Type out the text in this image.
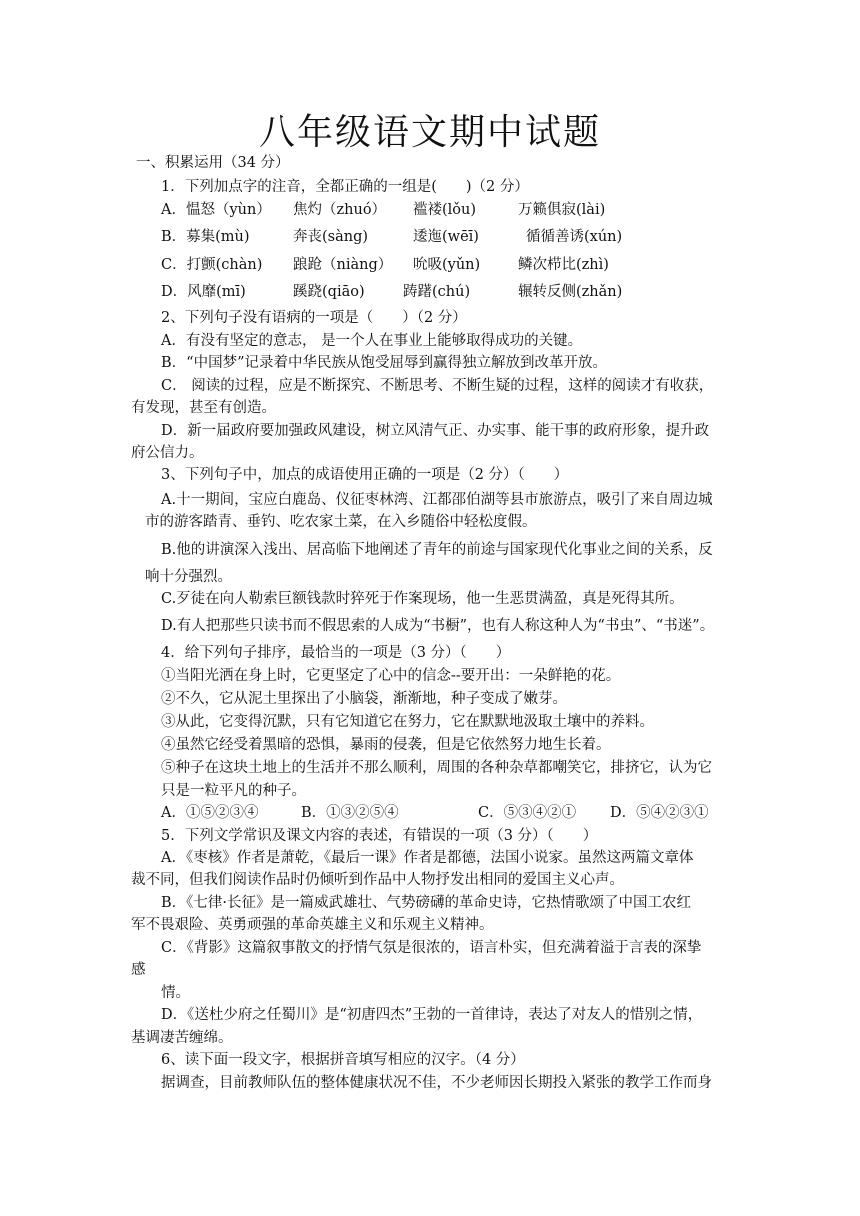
八年级语文期中试题
一、积累运用（34 分）
1．下列加点字的注音，全都正确的一组是(　　)（2 分）
A．愠怒（yùn） 焦灼（zhuó） 褴褛(lǒu)	万籁俱寂(lài)
B．募集(mù)	奔丧(sàng)	逶迤(wēī)	循循善诱(xún)
C．打颤(chàn) 踉跄（niàng） 吮吸(yǔn)	鳞次栉比(zhì)
D．风靡(mī)	蹊跷(qiāo)	踌躇(chú)	辗转反侧(zhǎn)
2、下列句子没有语病的一项是（　　）（2 分）
A．有没有坚定的意志， 是一个人在事业上能够取得成功的关键。
B．“中国梦”记录着中华民族从饱受屈辱到赢得独立解放到改革开放。
C． 阅读的过程，应是不断探究、不断思考、不断生疑的过程，这样的阅读才有收获，
有发现，甚至有创造。
D．新一届政府要加强政风建设，树立风清气正、办实事、能干事的政府形象，提升政
府公信力。
3、下列句子中，加点的成语使用正确的一项是（2 分）（　　）
A.十一期间，宝应白鹿岛、仪征枣林湾、江都邵伯湖等县市旅游点，吸引了来自周边城
市的游客踏青、垂钓、吃农家土菜，在入乡随俗中轻松度假。
B.他的讲演深入浅出、居高临下地阐述了青年的前途与国家现代化事业之间的关系，反
响十分强烈。
C.歹徒在向人勒索巨额钱款时猝死于作案现场，他一生恶贯满盈，真是死得其所。
D.有人把那些只读书而不假思索的人成为“书橱”，也有人称这种人为“书虫”、“书迷”。
4．给下列句子排序，最恰当的一项是（3 分）（　　）
①当阳光洒在身上时，它更坚定了心中的信念--要开出：一朵鲜艳的花。
②不久，它从泥土里探出了小脑袋，渐渐地，种子变成了嫩芽。
③从此，它变得沉默，只有它知道它在努力，它在默默地汲取土壤中的养料。
④虽然它经受着黑暗的恐惧，暴雨的侵袭，但是它依然努力地生长着。
⑤种子在这块土地上的生活并不那么顺利，周围的各种杂草都嘲笑它，排挤它，认为它
只是一粒平凡的种子。
A．①⑤②③④	B．①③②⑤④	C．⑤③④②① D．⑤④②③①
5．下列文学常识及课文内容的表述，有错误的一项（3 分）（　　）
A．《枣核》作者是萧乾，《最后一课》作者是都德，法国小说家。虽然这两篇文章体
裁不同，但我们阅读作品时仍倾听到作品中人物抒发出相同的爱国主义心声。
B．《七律·长征》是一篇威武雄壮、气势磅礴的革命史诗，它热情歌颂了中国工农红
军不畏艰险、英勇顽强的革命英雄主义和乐观主义精神。
C．《背影》这篇叙事散文的抒情气氛是很浓的，语言朴实，但充满着溢于言表的深挚
感
情。
D．《送杜少府之任蜀川》是“初唐四杰”王勃的一首律诗，表达了对友人的惜别之情，
基调凄苦缠绵。
6、读下面一段文字，根据拼音填写相应的汉字。（4 分）
据调查，目前教师队伍的整体健康状况不佳，不少老师因长期投入紧张的教学工作而身
